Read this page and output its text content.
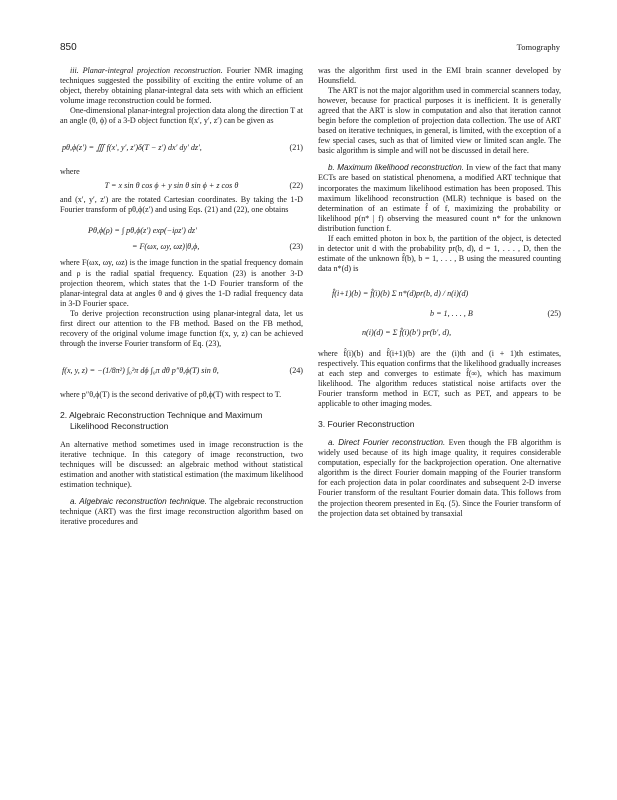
850	Tomography

iii. Planar-integral projection reconstruction. Fourier NMR imaging techniques suggested the possibility of exciting the entire volume of an object, thereby obtaining planar-integral data sets with which an efficient volume image reconstruction could be formed.

One-dimensional planar-integral projection data along the direction T at an angle (θ, ϕ) of a 3-D object function f(x′, y′, z′) can be given as

pθ,ϕ(z′) = ∭ f(x′, y′, z′)δ(T − z′) dx′ dy′ dz′,	(21)

where

T = x sin θ cos ϕ + y sin θ sin ϕ + z cos θ	(22)

and (x′, y′, z′) are the rotated Cartesian coordinates. By taking the 1-D Fourier transform of pθ,ϕ(z′) and using Eqs. (21) and (22), one obtains

Pθ,ϕ(ρ) = ∫ pθ,ϕ(z′) exp(−iρz′) dz′
= F(ωx, ωy, ωz)|θ,ϕ,	(23)

where F(ωx, ωy, ωz) is the image function in the spatial frequency domain and ρ is the radial spatial frequency. Equation (23) is another 3-D projection theorem, which states that the 1-D Fourier transform of the planar-integral data at angles θ and ϕ gives the 1-D radial frequency data in 3-D Fourier space.

To derive projection reconstruction using planar-integral data, let us first direct our attention to the FB method. Based on the FB method, recovery of the original volume image function f(x, y, z) can be achieved through the inverse Fourier transform of Eq. (23),

f(x, y, z) = −(1/8π²) ∫₀²π dϕ ∫₀π dθ p″θ,ϕ(T) sin θ,	(24)

where p″θ,ϕ(T) is the second derivative of pθ,ϕ(T) with respect to T.

2. Algebraic Reconstruction Technique and Maximum Likelihood Reconstruction

An alternative method sometimes used in image reconstruction is the iterative technique. In this category of image reconstruction, two techniques will be discussed: an algebraic method without statistical estimation and another with statistical estimation (the maximum likelihood estimation technique).

a. Algebraic reconstruction technique. The algebraic reconstruction technique (ART) was the first image reconstruction algorithm based on iterative procedures and

was the algorithm first used in the EMI brain scanner developed by Hounsfield.

The ART is not the major algorithm used in commercial scanners today, however, because for practical purposes it is inefficient. It is generally agreed that the ART is slow in computation and also that iteration cannot begin before the completion of projection data collection. The use of ART based on iterative techniques, in general, is limited, with the exception of a few special cases, such as that of limited view or limited scan angle. The basic algorithm is simple and will not be discussed in detail here.

b. Maximum likelihood reconstruction. In view of the fact that many ECTs are based on statistical phenomena, a modified ART technique that incorporates the maximum likelihood estimation has been proposed. This maximum likelihood reconstruction (MLR) technique is based on the determination of an estimate f̂ of f, maximizing the probability or likelihood p(n* | f) observing the measured count n* for the unknown distribution function f.

If each emitted photon in box b, the partition of the object, is detected in detector unit d with the probability pr(b, d), d = 1, . . . , D, then the estimate of the unknown f̂(b), b = 1, . . . , B using the measured counting data n*(d) is

f̂(i+1)(b) = f̂(i)(b) Σ n*(d)pr(b, d) / n(i)(d)
b = 1, . . . , B	(25)
n(i)(d) = Σ f̂(i)(b′) pr(b′, d),

where f̂(i)(b) and f̂(i+1)(b) are the (i)th and (i + 1)th estimates, respectively. This equation confirms that the likelihood gradually increases at each step and converges to estimate f̂(∞), which has maximum likelihood. The algorithm reduces statistical noise artifacts over the Fourier transform method in ECT, such as PET, and appears to be applicable to other imaging modes.

3. Fourier Reconstruction

a. Direct Fourier reconstruction. Even though the FB algorithm is widely used because of its high image quality, it requires considerable computation, especially for the backprojection operation. One alternative algorithm is the direct Fourier domain mapping of the Fourier transform for each projection data in polar coordinates and subsequent 2-D inverse Fourier transform of the resultant Fourier domain data. This follows from the projection theorem presented in Eq. (5). Since the Fourier transform of the projection data set obtained by transaxial
